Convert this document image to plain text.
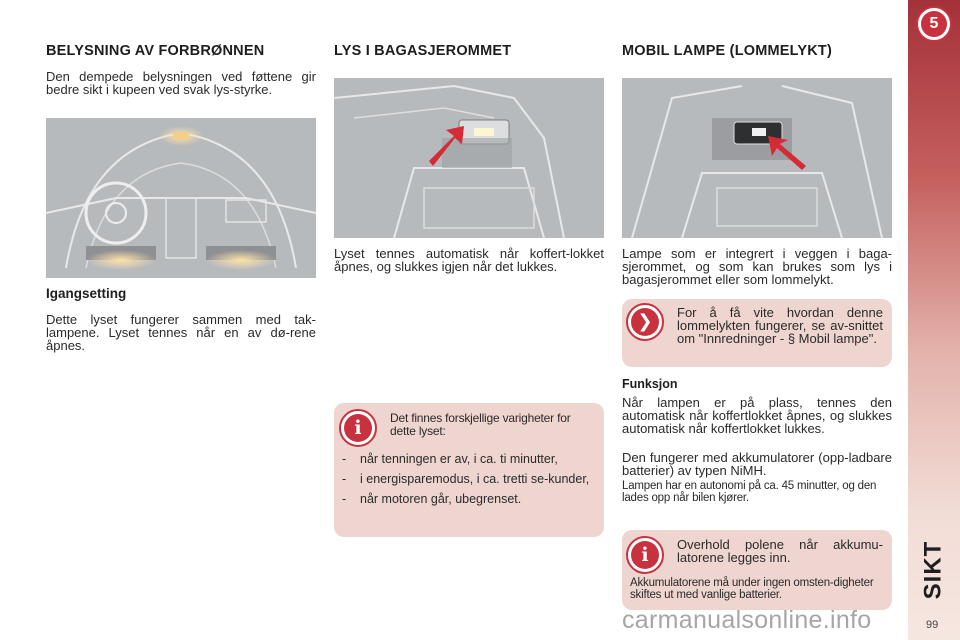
BELYSNING AV FORBRØNNEN

Den dempede belysningen ved føttene gir bedre sikt i kupeen ved svak lys-styrke.

Igangsetting

Dette lyset fungerer sammen med tak-lampene. Lyset tennes når en av dø-rene åpnes.

LYS I BAGASJEROMMET

Lyset tennes automatisk når koffert-lokket åpnes, og slukkes igjen når det lukkes.

i	Det finnes forskjellige varigheter for dette lyset:

- når tenningen er av, i ca. ti minutter,
- i energisparemodus, i ca. tretti se-kunder,
- når motoren går, ubegrenset.
MOBIL LAMPE (LOMMELYKT)

Lampe som er integrert i veggen i baga-sjerommet, og som kan brukes som lys i bagasjerommet eller som lommelykt.

❯	For å få vite hvordan denne lommelykten fungerer, se av-snittet om "Innredninger - § Mobil lampe".

Funksjon

Når lampen er på plass, tennes den automatisk når koffertlokket åpnes, og slukkes automatisk når koffertlokket lukkes.

Den fungerer med akkumulatorer (opp-ladbare batterier) av typen NiMH.

Lampen har en autonomi på ca. 45 minutter, og den lades opp når bilen kjører.

i	Overhold polene når akkumu-latorene legges inn.

Akkumulatorene må under ingen omsten-digheter skiftes ut med vanlige batterier.

5
SIKT
99
carmanualsonline.info
